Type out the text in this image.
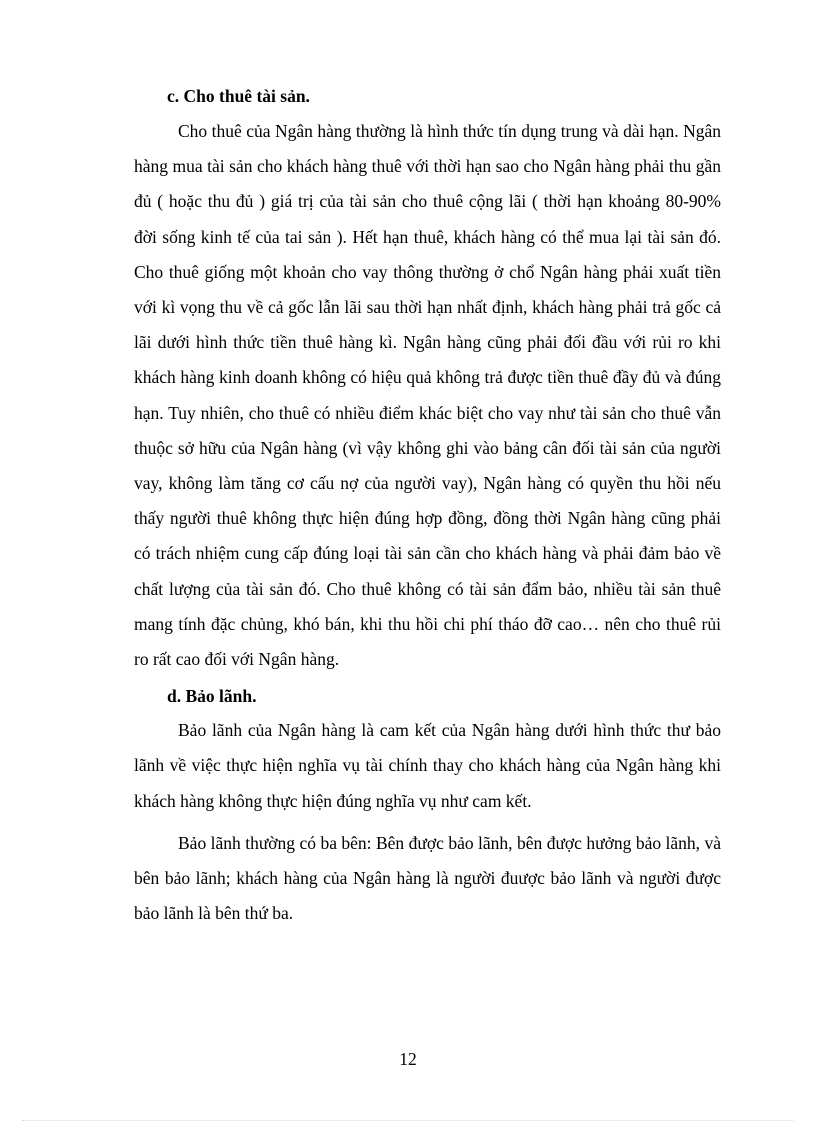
c. Cho thuê tài sản.

Cho thuê của Ngân hàng thường là hình thức tín dụng trung và dài hạn. Ngân hàng mua tài sản cho khách hàng thuê với thời hạn sao cho Ngân hàng phải thu gần đủ ( hoặc thu đủ ) giá trị của tài sản cho thuê cộng lãi ( thời hạn khoảng 80-90% đời sống kinh tế của tai sản ). Hết hạn thuê, khách hàng có thể mua lại tài sản đó. Cho thuê giống một khoản cho vay thông thường ở chổ Ngân hàng phải xuất tiền với kì vọng thu về cả gốc lẫn lãi sau thời hạn nhất định, khách hàng phải trả gốc cả lãi dưới hình thức tiền thuê hàng kì. Ngân hàng cũng phải đối đầu với rủi ro khi khách hàng kinh doanh không có hiệu quả không trả được tiền thuê đầy đủ và đúng hạn. Tuy nhiên, cho thuê có nhiều điểm khác biệt cho vay như tài sản cho thuê vẫn thuộc sở hữu của Ngân hàng (vì vậy không ghi vào bảng cân đối tài sản của người vay, không làm tăng cơ cấu nợ của người vay), Ngân hàng có quyền thu hồi nếu thấy người thuê không thực hiện đúng hợp đồng, đồng thời Ngân hàng cũng phải có trách nhiệm cung cấp đúng loại tài sản cần cho khách hàng và phải đảm bảo về chất lượng của tài sản đó. Cho thuê không có tài sản đẩm bảo, nhiều tài sản thuê mang tính đặc chủng, khó bán, khi thu hồi chi phí tháo đỡ cao… nên cho thuê rủi ro rất cao đối với Ngân hàng.

d. Bảo lãnh.

Bảo lãnh của Ngân hàng là cam kết của Ngân hàng dưới hình thức thư bảo lãnh về việc thực hiện nghĩa vụ tài chính thay cho khách hàng của Ngân hàng khi khách hàng không thực hiện đúng nghĩa vụ như cam kết.

Bảo lãnh thường có ba bên: Bên được bảo lãnh, bên được hưởng bảo lãnh, và bên bảo lãnh; khách hàng của Ngân hàng là người đuược bảo lãnh và người được bảo lãnh là bên thứ ba.

12
